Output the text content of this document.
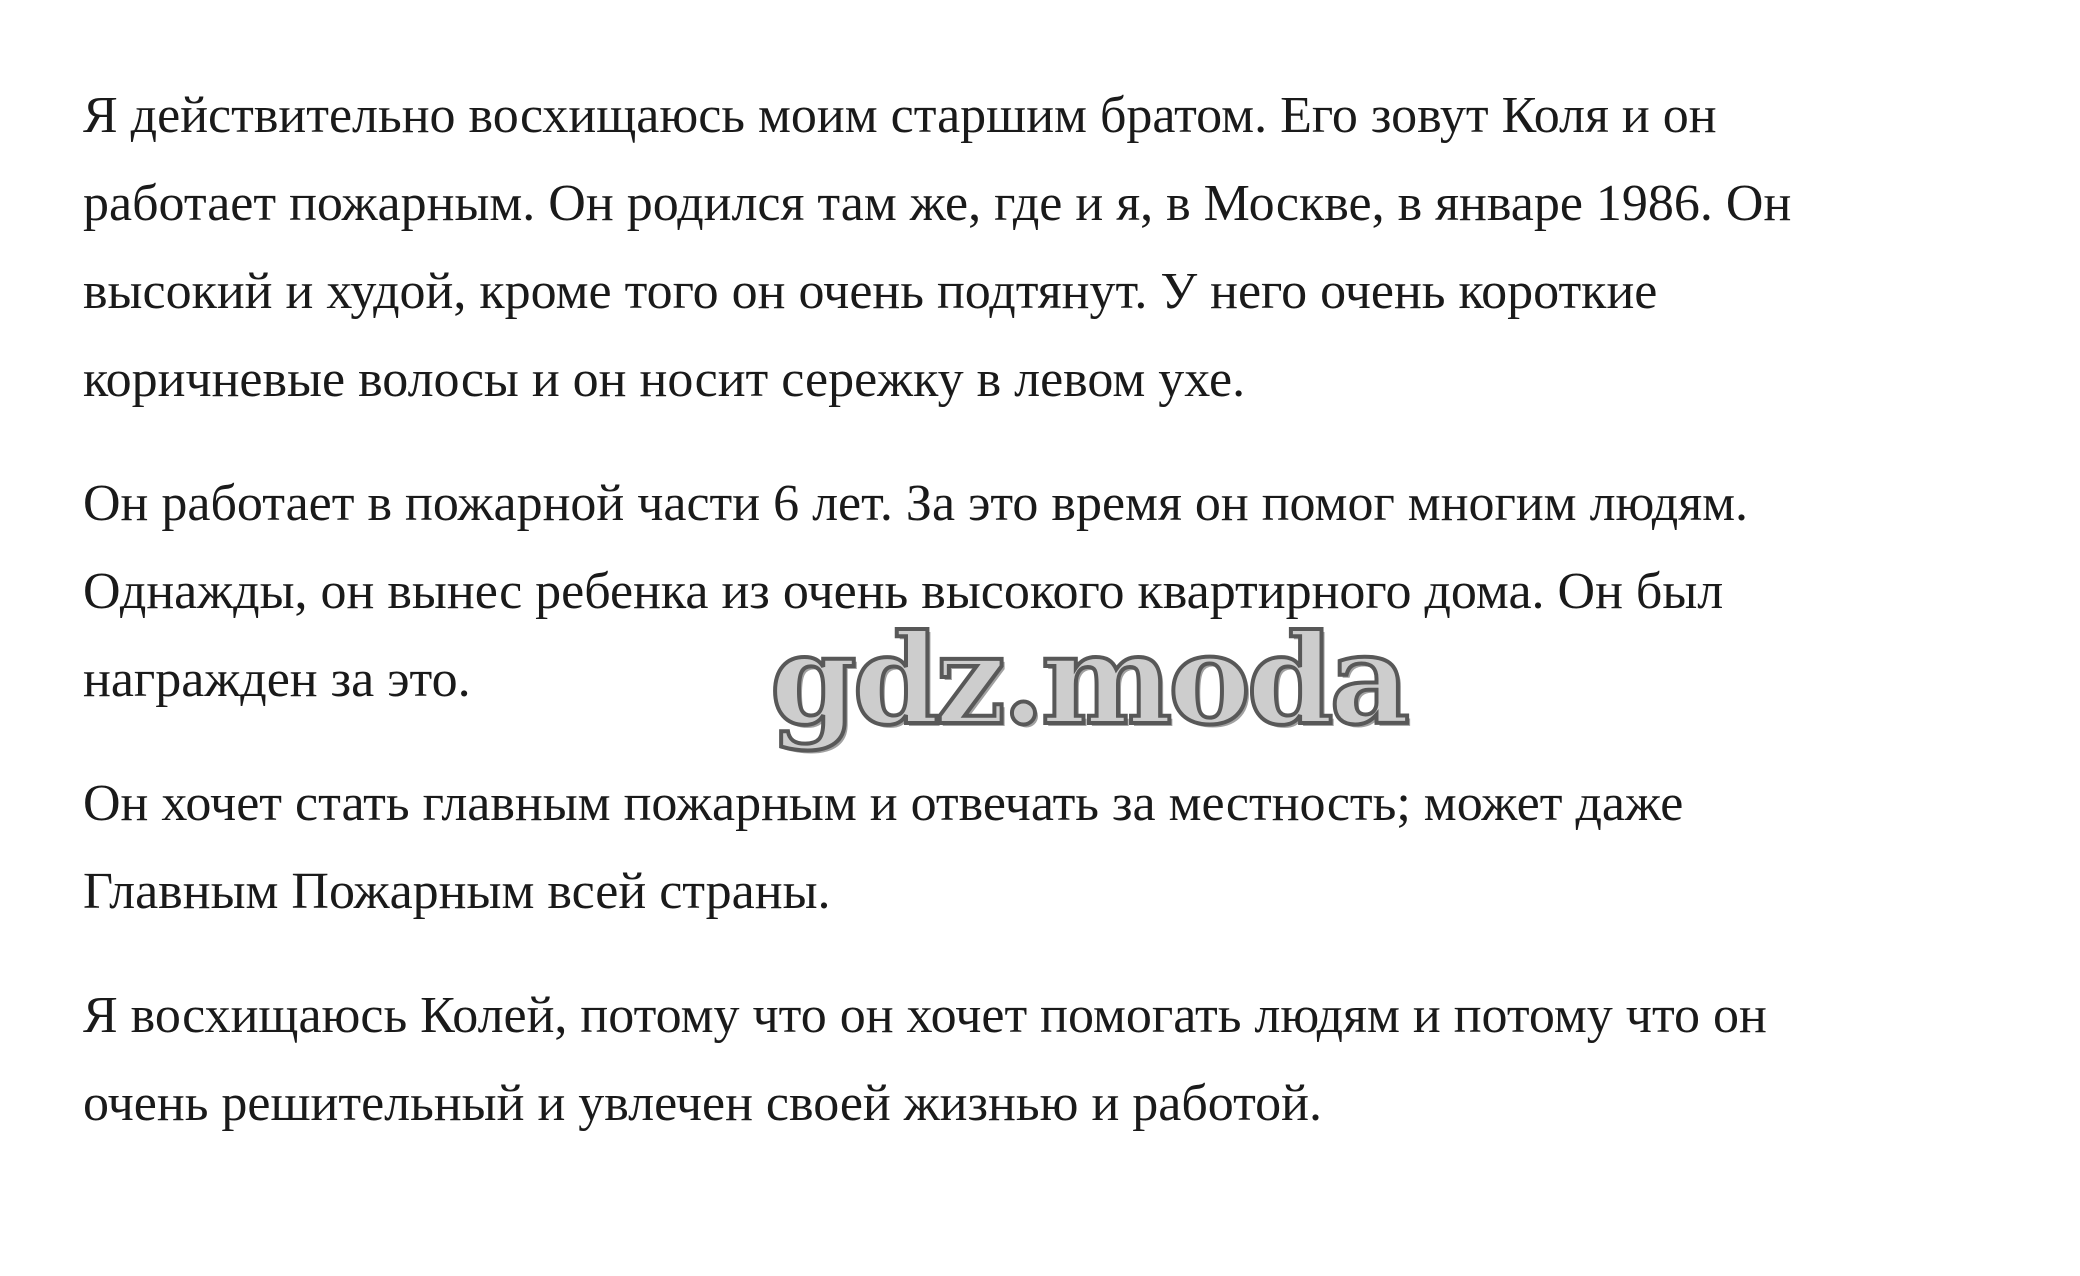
Я действительно восхищаюсь моим старшим братом. Его зовут Коля и он
работает пожарным. Он родился там же, где и я, в Москве, в январе 1986. Он
высокий и худой, кроме того он очень подтянут. У него очень короткие
коричневые волосы и он носит сережку в левом ухе.

Он работает в пожарной части 6 лет. За это время он помог многим людям.
Однажды, он вынес ребенка из очень высокого квартирного дома. Он был
награжден за это.

Он хочет стать главным пожарным и отвечать за местность; может даже
Главным Пожарным всей страны.

Я восхищаюсь Колей, потому что он хочет помогать людям и потому что он
очень решительный и увлечен своей жизнью и работой.

gdz.moda
